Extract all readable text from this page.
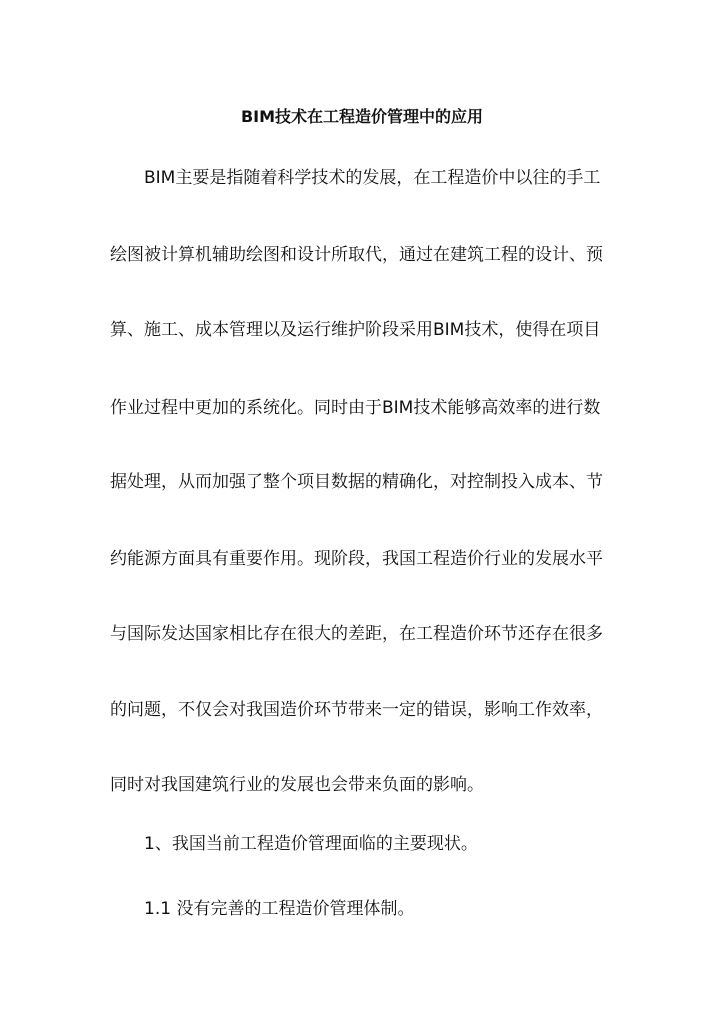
BIM技术在工程造价管理中的应用
BIM主要是指随着科学技术的发展，在工程造价中以往的手工
绘图被计算机辅助绘图和设计所取代，通过在建筑工程的设计、预
算、施工、成本管理以及运行维护阶段采用BIM技术，使得在项目
作业过程中更加的系统化。同时由于BIM技术能够高效率的进行数
据处理，从而加强了整个项目数据的精确化，对控制投入成本、节
约能源方面具有重要作用。现阶段，我国工程造价行业的发展水平
与国际发达国家相比存在很大的差距，在工程造价环节还存在很多
的问题，不仅会对我国造价环节带来一定的错误，影响工作效率，
同时对我国建筑行业的发展也会带来负面的影响。
1、我国当前工程造价管理面临的主要现状。
1.1 没有完善的工程造价管理体制。
